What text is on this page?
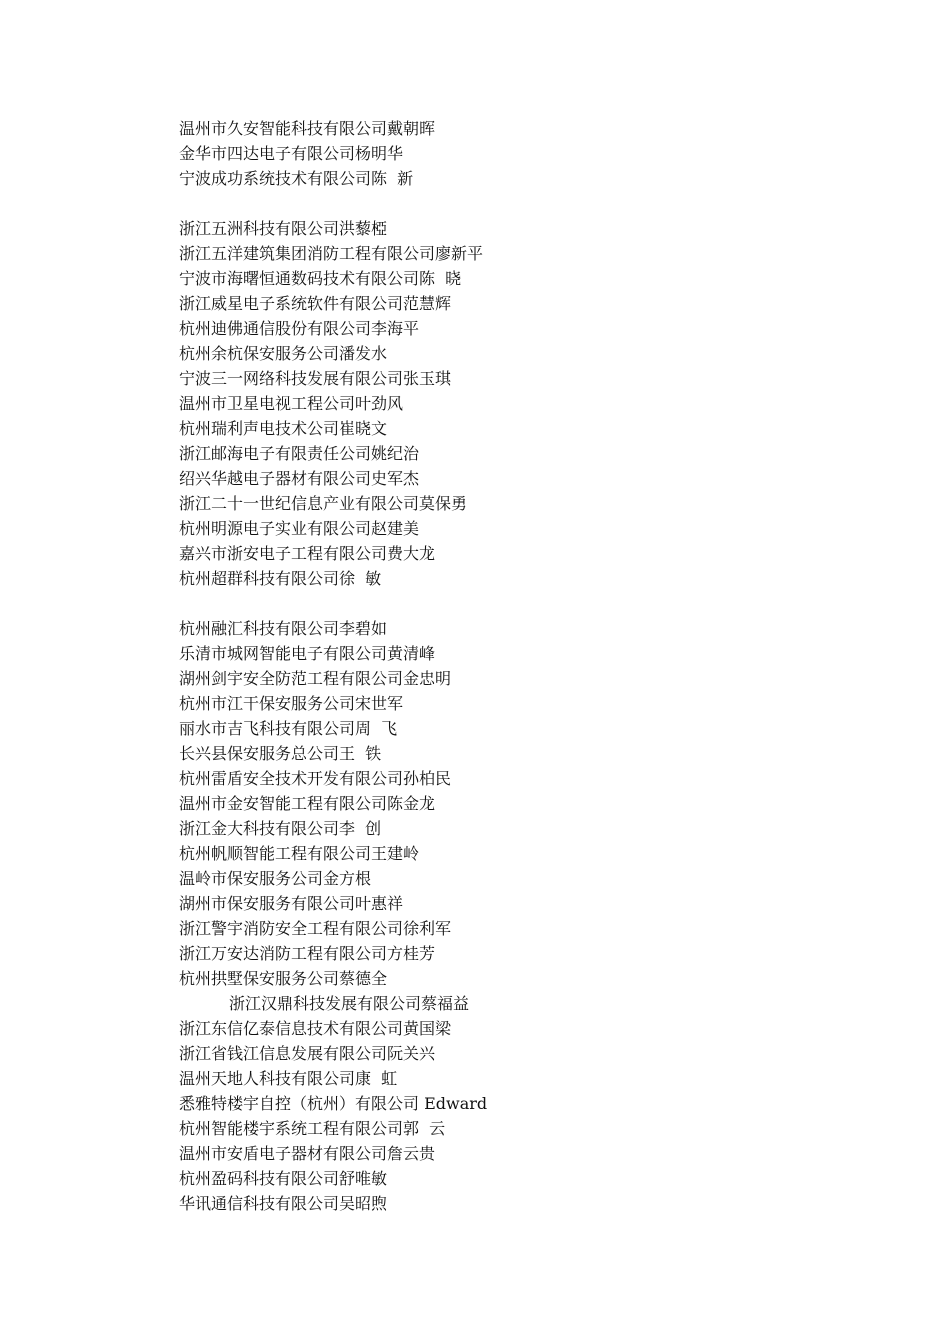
温州市久安智能科技有限公司戴朝晖
金华市四达电子有限公司杨明华
宁波成功系统技术有限公司陈  新
浙江五洲科技有限公司洪藜椏
浙江五洋建筑集团消防工程有限公司廖新平
宁波市海曙恒通数码技术有限公司陈  晓
浙江威星电子系统软件有限公司范慧辉
杭州迪佛通信股份有限公司李海平
杭州余杭保安服务公司潘发水
宁波三一网络科技发展有限公司张玉琪
温州市卫星电视工程公司叶劲风
杭州瑞利声电技术公司崔晓文
浙江邮海电子有限责任公司姚纪治
绍兴华越电子器材有限公司史军杰
浙江二十一世纪信息产业有限公司莫保勇
杭州明源电子实业有限公司赵建美
嘉兴市浙安电子工程有限公司费大龙
杭州超群科技有限公司徐  敏
杭州融汇科技有限公司李碧如
乐清市城网智能电子有限公司黄清峰
湖州剑宇安全防范工程有限公司金忠明
杭州市江干保安服务公司宋世军
丽水市吉飞科技有限公司周  飞
长兴县保安服务总公司王  铁
杭州雷盾安全技术开发有限公司孙柏民
温州市金安智能工程有限公司陈金龙
浙江金大科技有限公司李  创
杭州帆顺智能工程有限公司王建岭
温岭市保安服务公司金方根
湖州市保安服务有限公司叶惠祥
浙江警宇消防安全工程有限公司徐利军
浙江万安达消防工程有限公司方桂芳
杭州拱墅保安服务公司蔡德全
浙江汉鼎科技发展有限公司蔡福益
浙江东信亿泰信息技术有限公司黄国梁
浙江省钱江信息发展有限公司阮关兴
温州天地人科技有限公司康  虹
悉雅特楼宇自控（杭州）有限公司 Edward
杭州智能楼宇系统工程有限公司郭  云
温州市安盾电子器材有限公司詹云贵
杭州盈码科技有限公司舒唯敏
华讯通信科技有限公司吴昭煦
